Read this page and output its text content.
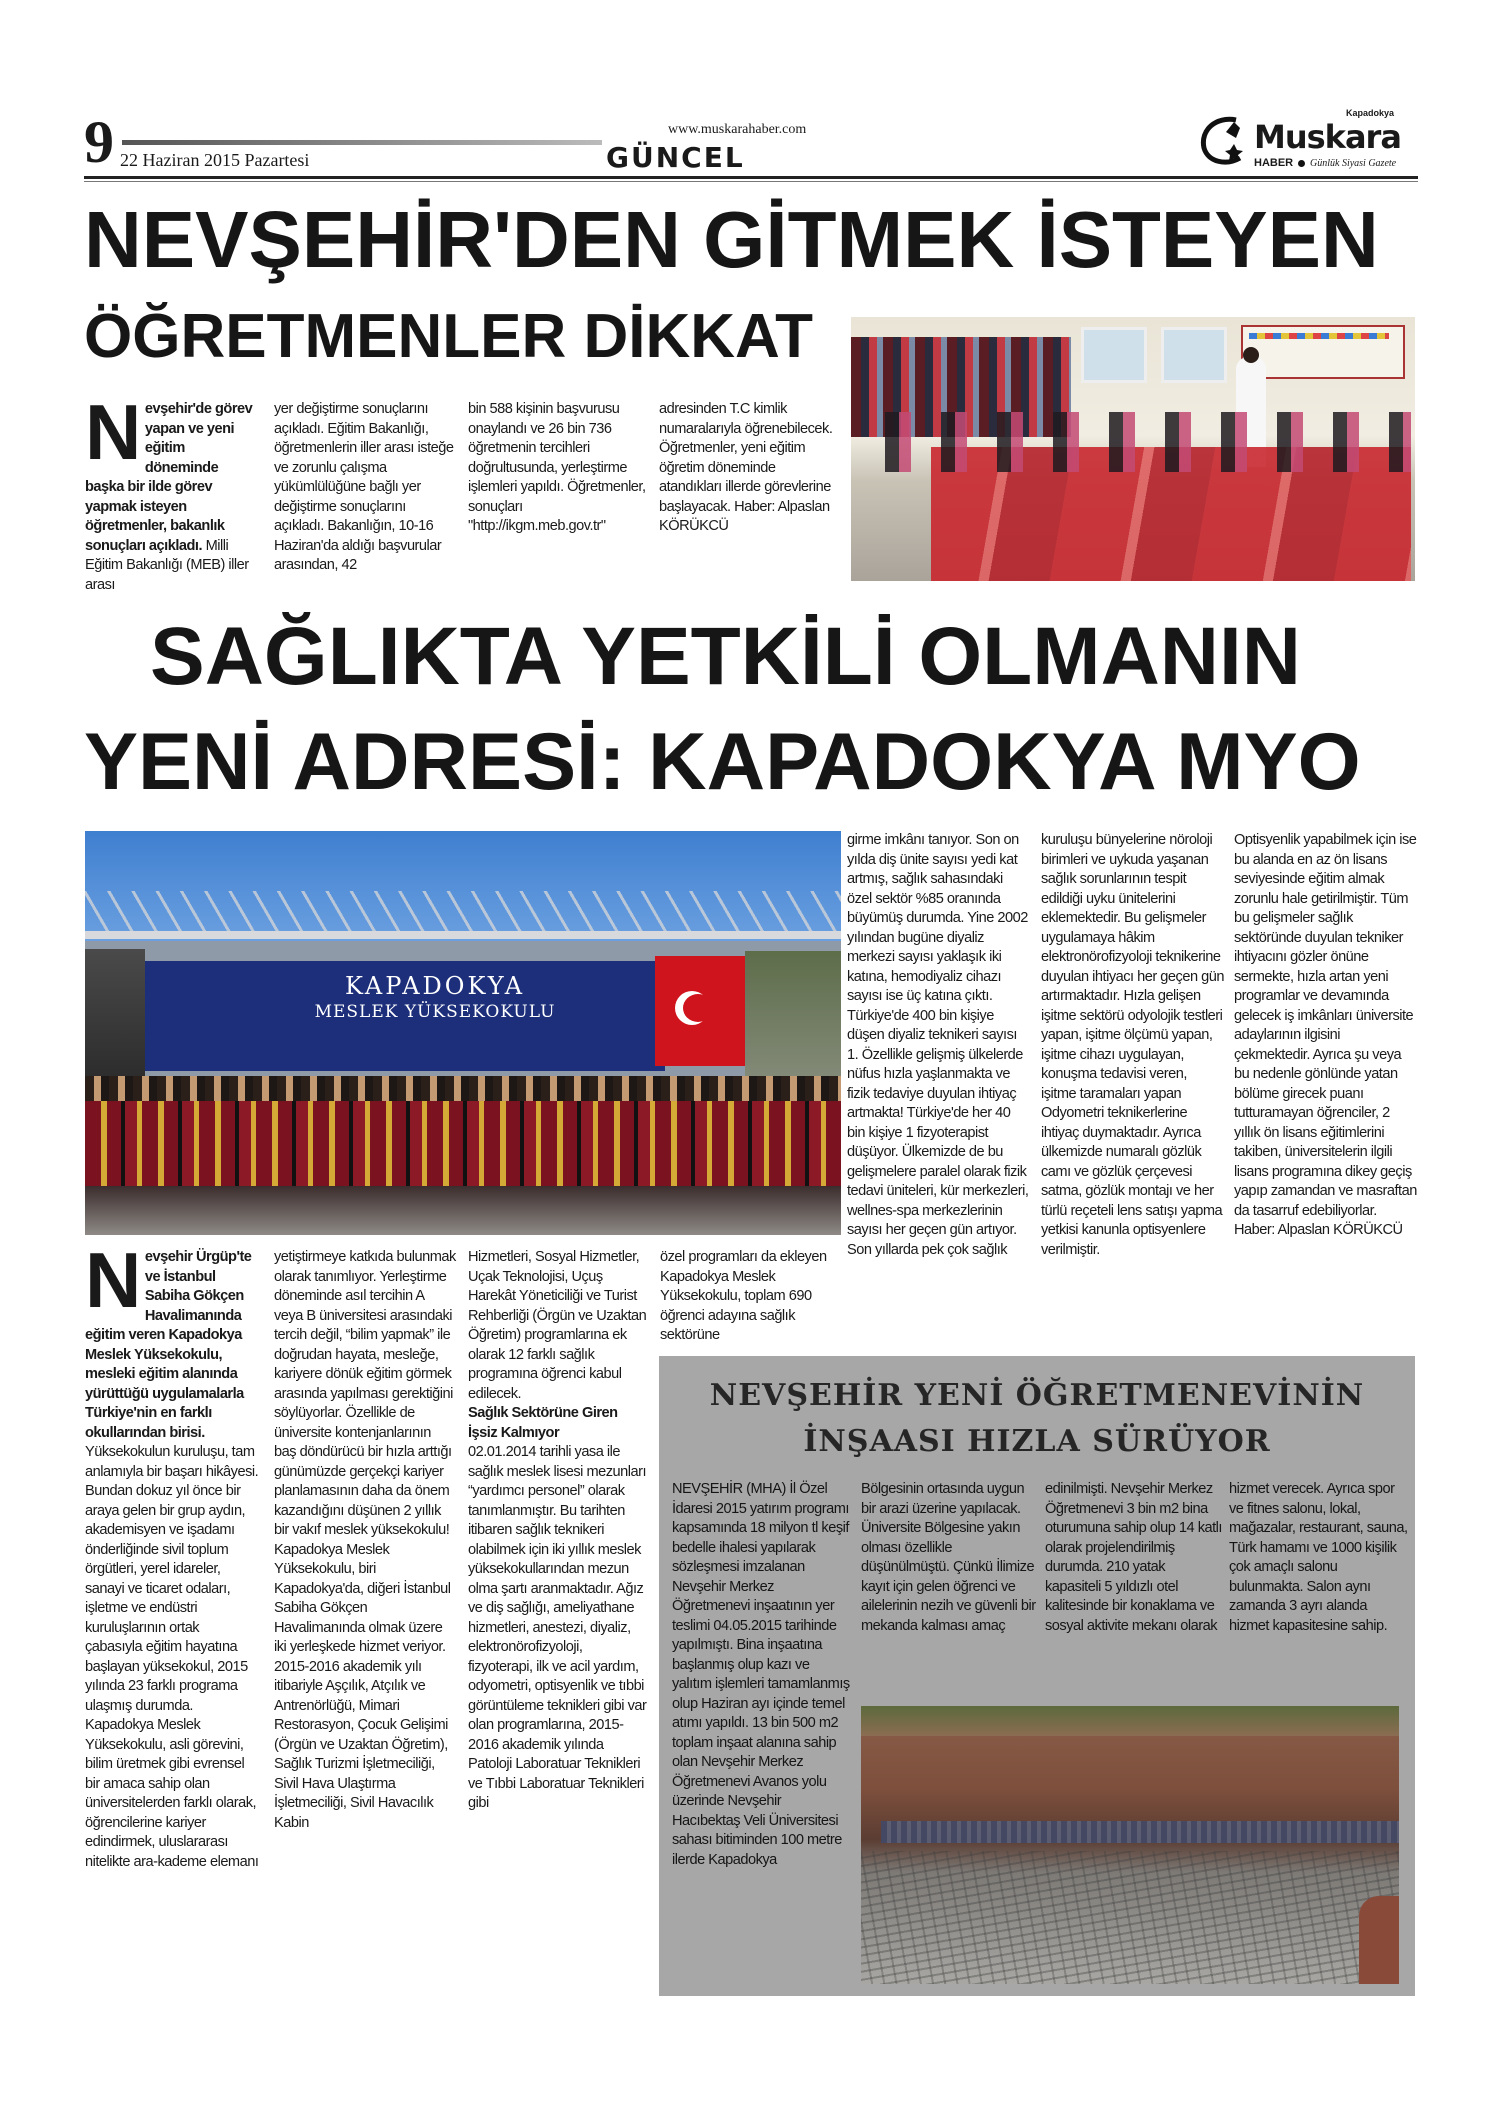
9 22 Haziran 2015 Pazartesi
www.muskarahaber.com
GÜNCEL
Kapadokya
Muskara
HABER Günlük Siyasi Gazete
NEVŞEHİR'DEN GİTMEK İSTEYEN
ÖĞRETMENLER DİKKAT
Nevşehir'de görev yapan ve yeni eğitim döneminde başka bir ilde görev yapmak isteyen öğretmenler, bakanlık sonuçları açıkladı. Milli Eğitim Bakanlığı (MEB) iller arası
yer değiştirme sonuçlarını açıkladı. Eğitim Bakanlığı, öğretmenlerin iller arası isteğe ve zorunlu çalışma yükümlülüğüne bağlı yer değiştirme sonuçlarını açıkladı. Bakanlığın, 10-16 Haziran'da aldığı başvurular arasından, 42
bin 588 kişinin başvurusu onaylandı ve 26 bin 736 öğretmenin tercihleri doğrultusunda, yerleştirme işlemleri yapıldı. Öğretmenler, sonuçları "http://ikgm.meb.gov.tr"
adresinden T.C kimlik numaralarıyla öğrenebilecek. Öğretmenler, yeni eğitim öğretim döneminde atandıkları illerde görevlerine başlayacak. Haber: Alpaslan KÖRÜKCÜ
SAĞLIKTA YETKİLİ OLMANIN
YENİ ADRESİ: KAPADOKYA MYO
KAPADOKYA
MESLEK YÜKSEKOKULU
Nevşehir Ürgüp'te ve İstanbul Sabiha Gökçen Havalimanında eğitim veren Kapadokya Meslek Yüksekokulu, mesleki eğitim alanında yürüttüğü uygulamalarla Türkiye'nin en farklı okullarından birisi. Yüksekokulun kuruluşu, tam anlamıyla bir başarı hikâyesi. Bundan dokuz yıl önce bir araya gelen bir grup aydın, akademisyen ve işadamı önderliğinde sivil toplum örgütleri, yerel idareler, sanayi ve ticaret odaları, işletme ve endüstri kuruluşlarının ortak çabasıyla eğitim hayatına başlayan yüksekokul, 2015 yılında 23 farklı programa ulaşmış durumda. Kapadokya Meslek Yüksekokulu, asli görevini, bilim üretmek gibi evrensel bir amaca sahip olan üniversitelerden farklı olarak, öğrencilerine kariyer edindirmek, uluslararası nitelikte ara-kademe elemanı
yetiştirmeye katkıda bulunmak olarak tanımlıyor. Yerleştirme döneminde asıl tercihin A veya B üniversitesi arasındaki tercih değil, “bilim yapmak” ile doğrudan hayata, mesleğe, kariyere dönük eğitim görmek arasında yapılması gerektiğini söylüyorlar. Özellikle de üniversite kontenjanlarının baş döndürücü bir hızla arttığı günümüzde gerçekçi kariyer planlamasının daha da önem kazandığını düşünen 2 yıllık bir vakıf meslek yüksekokulu! Kapadokya Meslek Yüksekokulu, biri Kapadokya'da, diğeri İstanbul Sabiha Gökçen Havalimanında olmak üzere iki yerleşkede hizmet veriyor. 2015-2016 akademik yılı itibariyle Aşçılık, Atçılık ve Antrenörlüğü, Mimari Restorasyon, Çocuk Gelişimi (Örgün ve Uzaktan Öğretim), Sağlık Turizmi İşletmeciliği, Sivil Hava Ulaştırma İşletmeciliği, Sivil Havacılık Kabin
Hizmetleri, Sosyal Hizmetler, Uçak Teknolojisi, Uçuş Harekât Yöneticiliği ve Turist Rehberliği (Örgün ve Uzaktan Öğretim) programlarına ek olarak 12 farklı sağlık programına öğrenci kabul edilecek.
Sağlık Sektörüne Giren İşsiz Kalmıyor
02.01.2014 tarihli yasa ile sağlık meslek lisesi mezunları “yardımcı personel” olarak tanımlanmıştır. Bu tarihten itibaren sağlık teknikeri olabilmek için iki yıllık meslek yüksekokullarından mezun olma şartı aranmaktadır. Ağız ve diş sağlığı, ameliyathane hizmetleri, anestezi, diyaliz, elektronörofizyoloji, fizyoterapi, ilk ve acil yardım, odyometri, optisyenlik ve tıbbi görüntüleme teknikleri gibi var olan programlarına, 2015-2016 akademik yılında Patoloji Laboratuar Teknikleri ve Tıbbi Laboratuar Teknikleri gibi
özel programları da ekleyen Kapadokya Meslek Yüksekokulu, toplam 690 öğrenci adayına sağlık sektörüne
girme imkânı tanıyor. Son on yılda diş ünite sayısı yedi kat artmış, sağlık sahasındaki özel sektör %85 oranında büyümüş durumda. Yine 2002 yılından bugüne diyaliz merkezi sayısı yaklaşık iki katına, hemodiyaliz cihazı sayısı ise üç katına çıktı. Türkiye'de 400 bin kişiye düşen diyaliz teknikeri sayısı 1. Özellikle gelişmiş ülkelerde nüfus hızla yaşlanmakta ve fizik tedaviye duyulan ihtiyaç artmakta! Türkiye'de her 40 bin kişiye 1 fizyoterapist düşüyor. Ülkemizde de bu gelişmelere paralel olarak fizik tedavi üniteleri, kür merkezleri, wellnes-spa merkezlerinin sayısı her geçen gün artıyor. Son yıllarda pek çok sağlık
kuruluşu bünyelerine nöroloji birimleri ve uykuda yaşanan sağlık sorunlarının tespit edildiği uyku ünitelerini eklemektedir. Bu gelişmeler uygulamaya hâkim elektronörofizyoloji teknikerine duyulan ihtiyacı her geçen gün artırmaktadır. Hızla gelişen işitme sektörü odyolojik testleri yapan, işitme ölçümü yapan, işitme cihazı uygulayan, konuşma tedavisi veren, işitme taramaları yapan Odyometri teknikerlerine ihtiyaç duymaktadır. Ayrıca ülkemizde numaralı gözlük camı ve gözlük çerçevesi satma, gözlük montajı ve her türlü reçeteli lens satışı yapma yetkisi kanunla optisyenlere verilmiştir.
Optisyenlik yapabilmek için ise bu alanda en az ön lisans seviyesinde eğitim almak zorunlu hale getirilmiştir. Tüm bu gelişmeler sağlık sektöründe duyulan tekniker ihtiyacını gözler önüne sermekte, hızla artan yeni programlar ve devamında gelecek iş imkânları üniversite adaylarının ilgisini çekmektedir. Ayrıca şu veya bu nedenle gönlünde yatan bölüme girecek puanı tutturamayan öğrenciler, 2 yıllık ön lisans eğitimlerini takiben, üniversitelerin ilgili lisans programına dikey geçiş yapıp zamandan ve masraftan da tasarruf edebiliyorlar. Haber: Alpaslan KÖRÜKCÜ
NEVŞEHİR YENİ ÖĞRETMENEVİNİN
İNŞAASI HIZLA SÜRÜYOR
NEVŞEHİR (MHA) İl Özel İdaresi 2015 yatırım programı kapsamında 18 milyon tl keşif bedelle ihalesi yapılarak sözleşmesi imzalanan Nevşehir Merkez Öğretmenevi inşaatının yer teslimi 04.05.2015 tarihinde yapılmıştı. Bina inşaatına başlanmış olup kazı ve yalıtım işlemleri tamamlanmış olup Haziran ayı içinde temel atımı yapıldı. 13 bin 500 m2 toplam inşaat alanına sahip olan Nevşehir Merkez Öğretmenevi Avanos yolu üzerinde Nevşehir Hacıbektaş Veli Üniversitesi sahası bitiminden 100 metre ilerde Kapadokya
Bölgesinin ortasında uygun bir arazi üzerine yapılacak. Üniversite Bölgesine yakın olması özellikle düşünülmüştü. Çünkü İlimize kayıt için gelen öğrenci ve ailelerinin nezih ve güvenli bir mekanda kalması amaç
edinilmişti. Nevşehir Merkez Öğretmenevi 3 bin m2 bina oturumuna sahip olup 14 katlı olarak projelendirilmiş durumda. 210 yatak kapasiteli 5 yıldızlı otel kalitesinde bir konaklama ve sosyal aktivite mekanı olarak
hizmet verecek. Ayrıca spor ve fitnes salonu, lokal, mağazalar, restaurant, sauna, Türk hamamı ve 1000 kişilik çok amaçlı salonu bulunmakta. Salon aynı zamanda 3 ayrı alanda hizmet kapasitesine sahip.
